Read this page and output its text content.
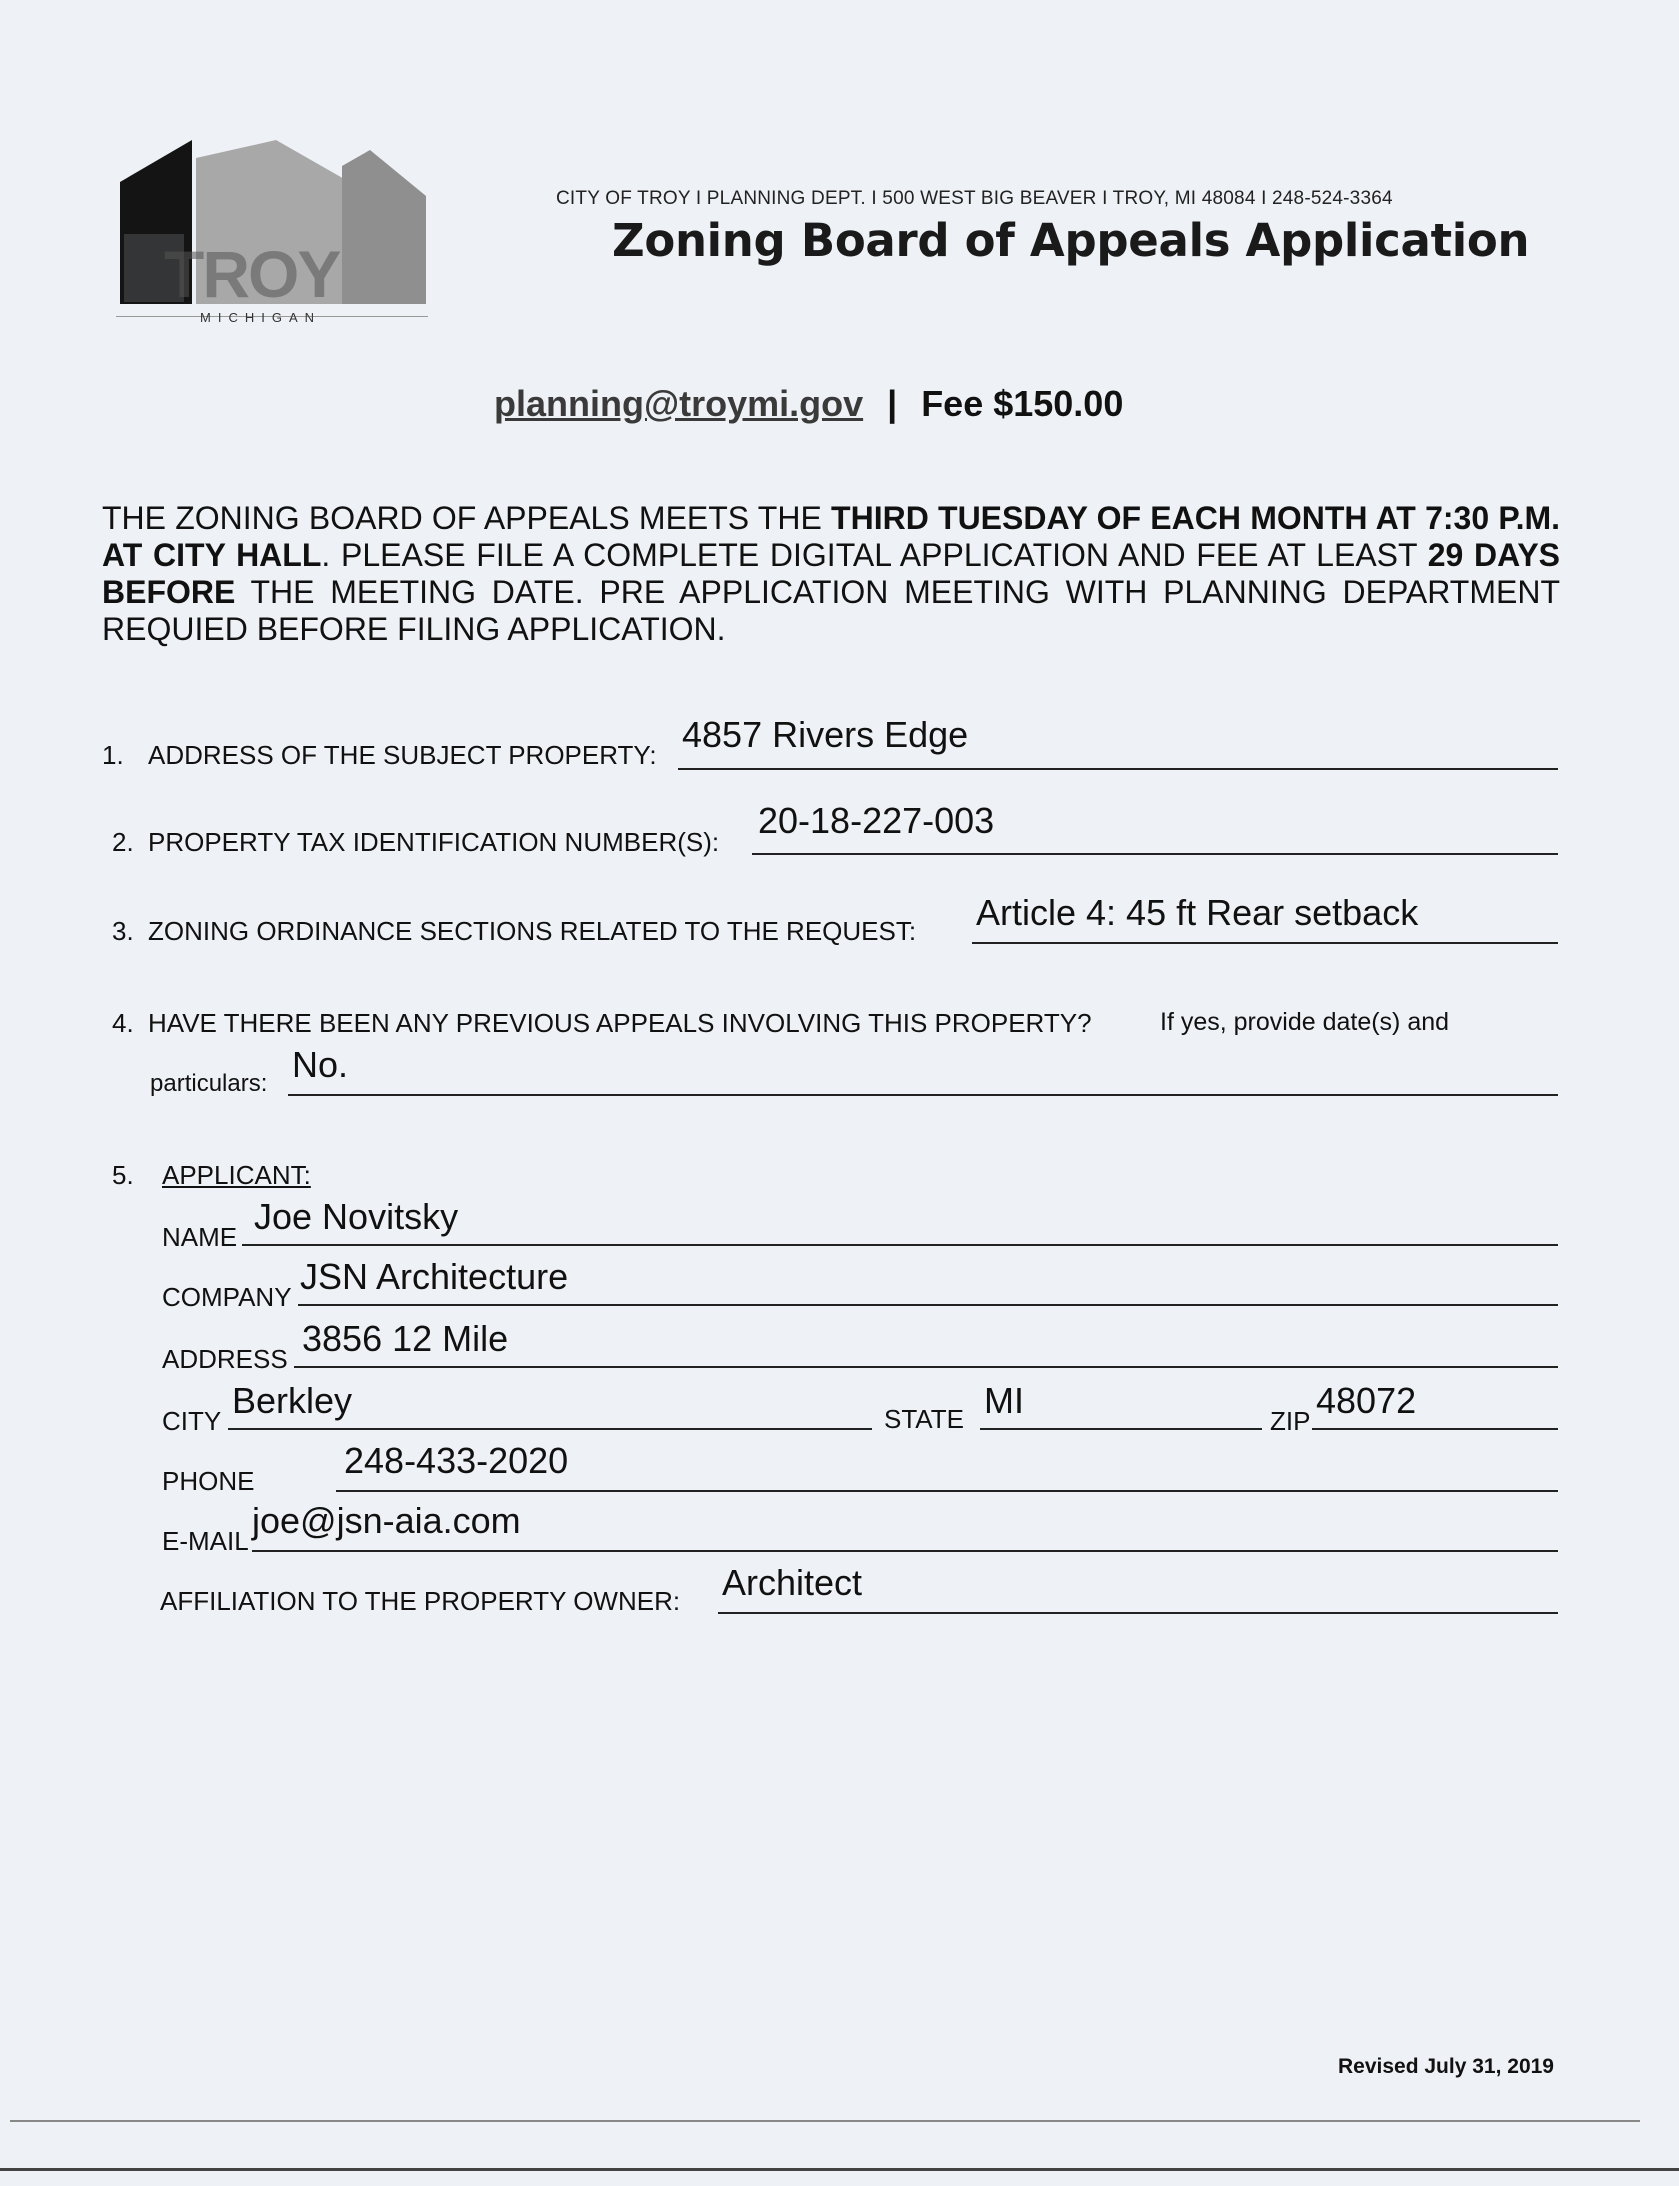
TROY
MICHIGAN
CITY OF TROY I PLANNING DEPT. I 500 WEST BIG BEAVER I TROY, MI 48084 I 248-524-3364
Zoning Board of Appeals Application
planning@troymi.gov | Fee $150.00
THE ZONING BOARD OF APPEALS MEETS THE THIRD TUESDAY OF EACH MONTH AT 7:30 P.M. AT CITY HALL. PLEASE FILE A COMPLETE DIGITAL APPLICATION AND FEE AT LEAST 29 DAYS BEFORE THE MEETING DATE. PRE APPLICATION MEETING WITH PLANNING DEPARTMENT REQUIED BEFORE FILING APPLICATION.
1. ADDRESS OF THE SUBJECT PROPERTY: 4857 Rivers Edge
2. PROPERTY TAX IDENTIFICATION NUMBER(S):
20-18-227-003
3. ZONING ORDINANCE SECTIONS RELATED TO THE REQUEST: Article 4: 45 ft Rear setback
4. HAVE THERE BEEN ANY PREVIOUS APPEALS INVOLVING THIS PROPERTY?	If yes, provide date(s) and
particulars: No.
5. APPLICANT:
NAME Joe Novitsky
COMPANY JSN Architecture
ADDRESS 3856 12 Mile
CITY Berkley	STATE MI	ZIP 48072
PHONE 248-433-2020
E-MAIL joe@jsn-aia.com
AFFILIATION TO THE PROPERTY OWNER: Architect
Revised July 31, 2019
